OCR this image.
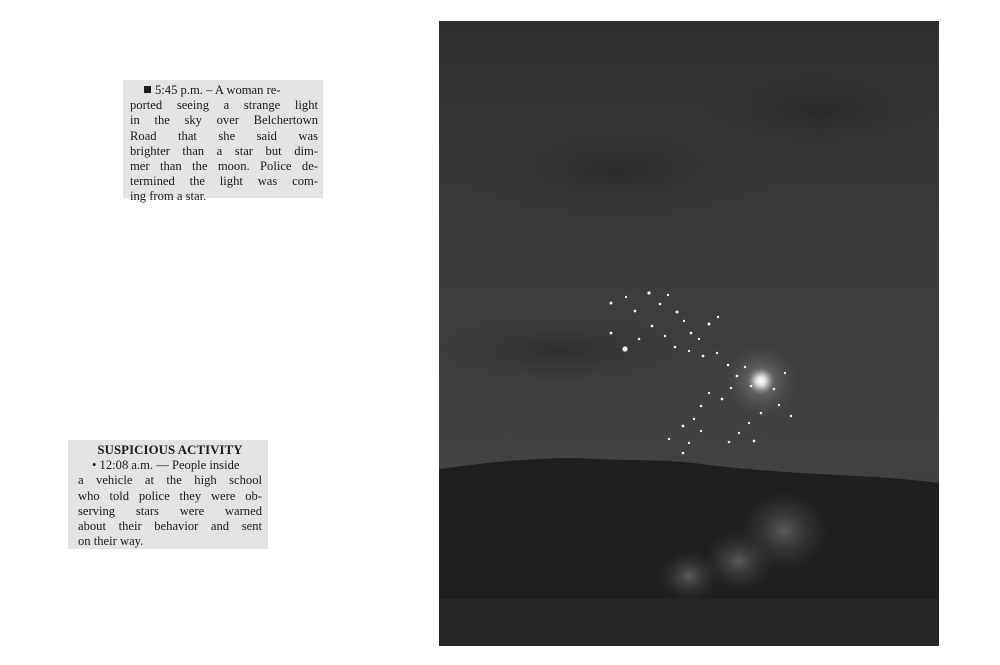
5:45 p.m. – A woman re-
ported seeing a strange light
in the sky over Belchertown
Road that she said was
brighter than a star but dim-
mer than the moon. Police de-
termined the light was com-
ing from a star.
SUSPICIOUS ACTIVITY
• 12:08 a.m. — People inside
a vehicle at the high school
who told police they were ob-
serving stars were warned
about their behavior and sent
on their way.
